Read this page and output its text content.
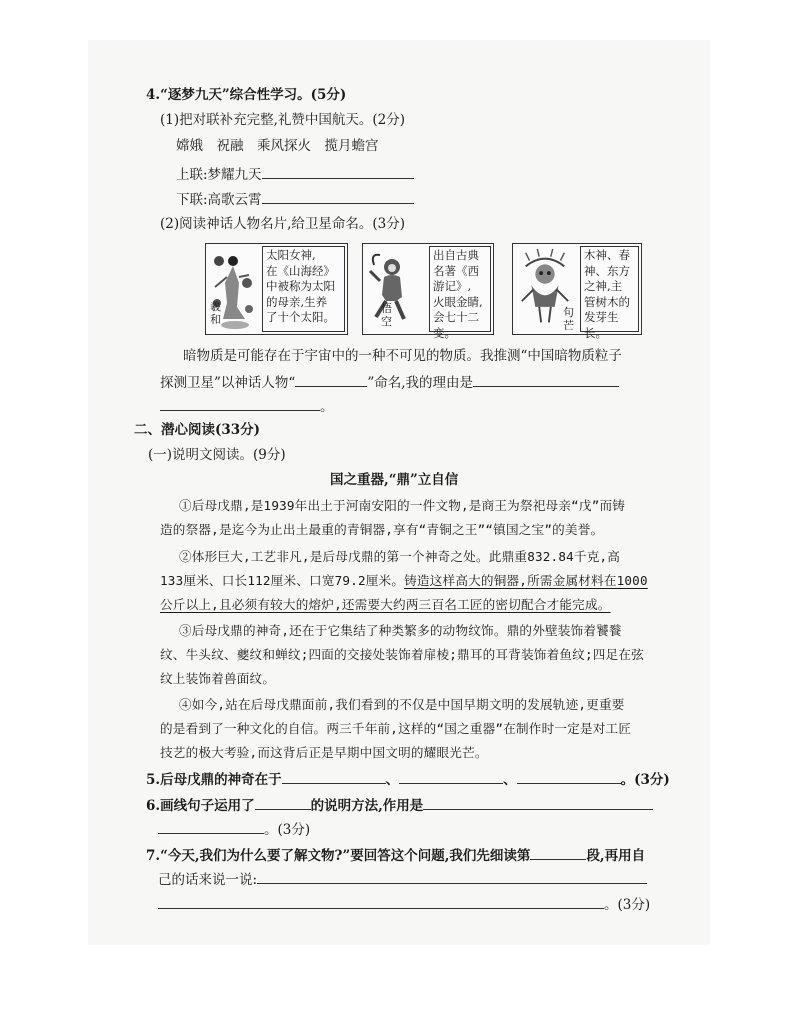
4.“逐梦九天”综合性学习。(5分)
(1)把对联补充完整,礼赞中国航天。(2分)
嫦娥　祝融　乘风探火　揽月蟾宫
上联:梦耀九天
下联:高歌云霄
(2)阅读神话人物名片,给卫星命名。(3分)
羲和
太阳女神,
在《山海经》
中被称为太阳
的母亲,生养
了十个太阳。
悟空
出自古典
名著《西
游记》,
火眼金睛,
会七十二
变。
句芒
木神、春
神、东方
之神,主
管树木的
发芽生长。
暗物质是可能存在于宇宙中的一种不可见的物质。我推测“中国暗物质粒子
探测卫星”以神话人物“	”命名,我的理由是
。
二、潜心阅读(33分)
(一)说明文阅读。(9分)
国之重器,“鼎”立自信
①后母戊鼎,是1939年出土于河南安阳的一件文物,是商王为祭祀母亲“戊”而铸
造的祭器,是迄今为止出土最重的青铜器,享有“青铜之王”“镇国之宝”的美誉。
②体形巨大,工艺非凡,是后母戊鼎的第一个神奇之处。此鼎重832.84千克,高
133厘米、口长112厘米、口宽79.2厘米。铸造这样高大的铜器,所需金属材料在1000
公斤以上,且必须有较大的熔炉,还需要大约两三百名工匠的密切配合才能完成。
③后母戊鼎的神奇,还在于它集结了种类繁多的动物纹饰。鼎的外壁装饰着饕餮
纹、牛头纹、夔纹和蝉纹;四面的交接处装饰着扉棱;鼎耳的耳背装饰着鱼纹;四足在弦
纹上装饰着兽面纹。
④如今,站在后母戊鼎面前,我们看到的不仅是中国早期文明的发展轨迹,更重要
的是看到了一种文化的自信。两三千年前,这样的“国之重器”在制作时一定是对工匠
技艺的极大考验,而这背后正是早期中国文明的耀眼光芒。
5.后母戊鼎的神奇在于	、	、	。(3分)
6.画线句子运用了	的说明方法,作用是
。(3分)
7.“今天,我们为什么要了解文物?”要回答这个问题,我们先细读第	段,再用自
己的话来说一说:
。(3分)
